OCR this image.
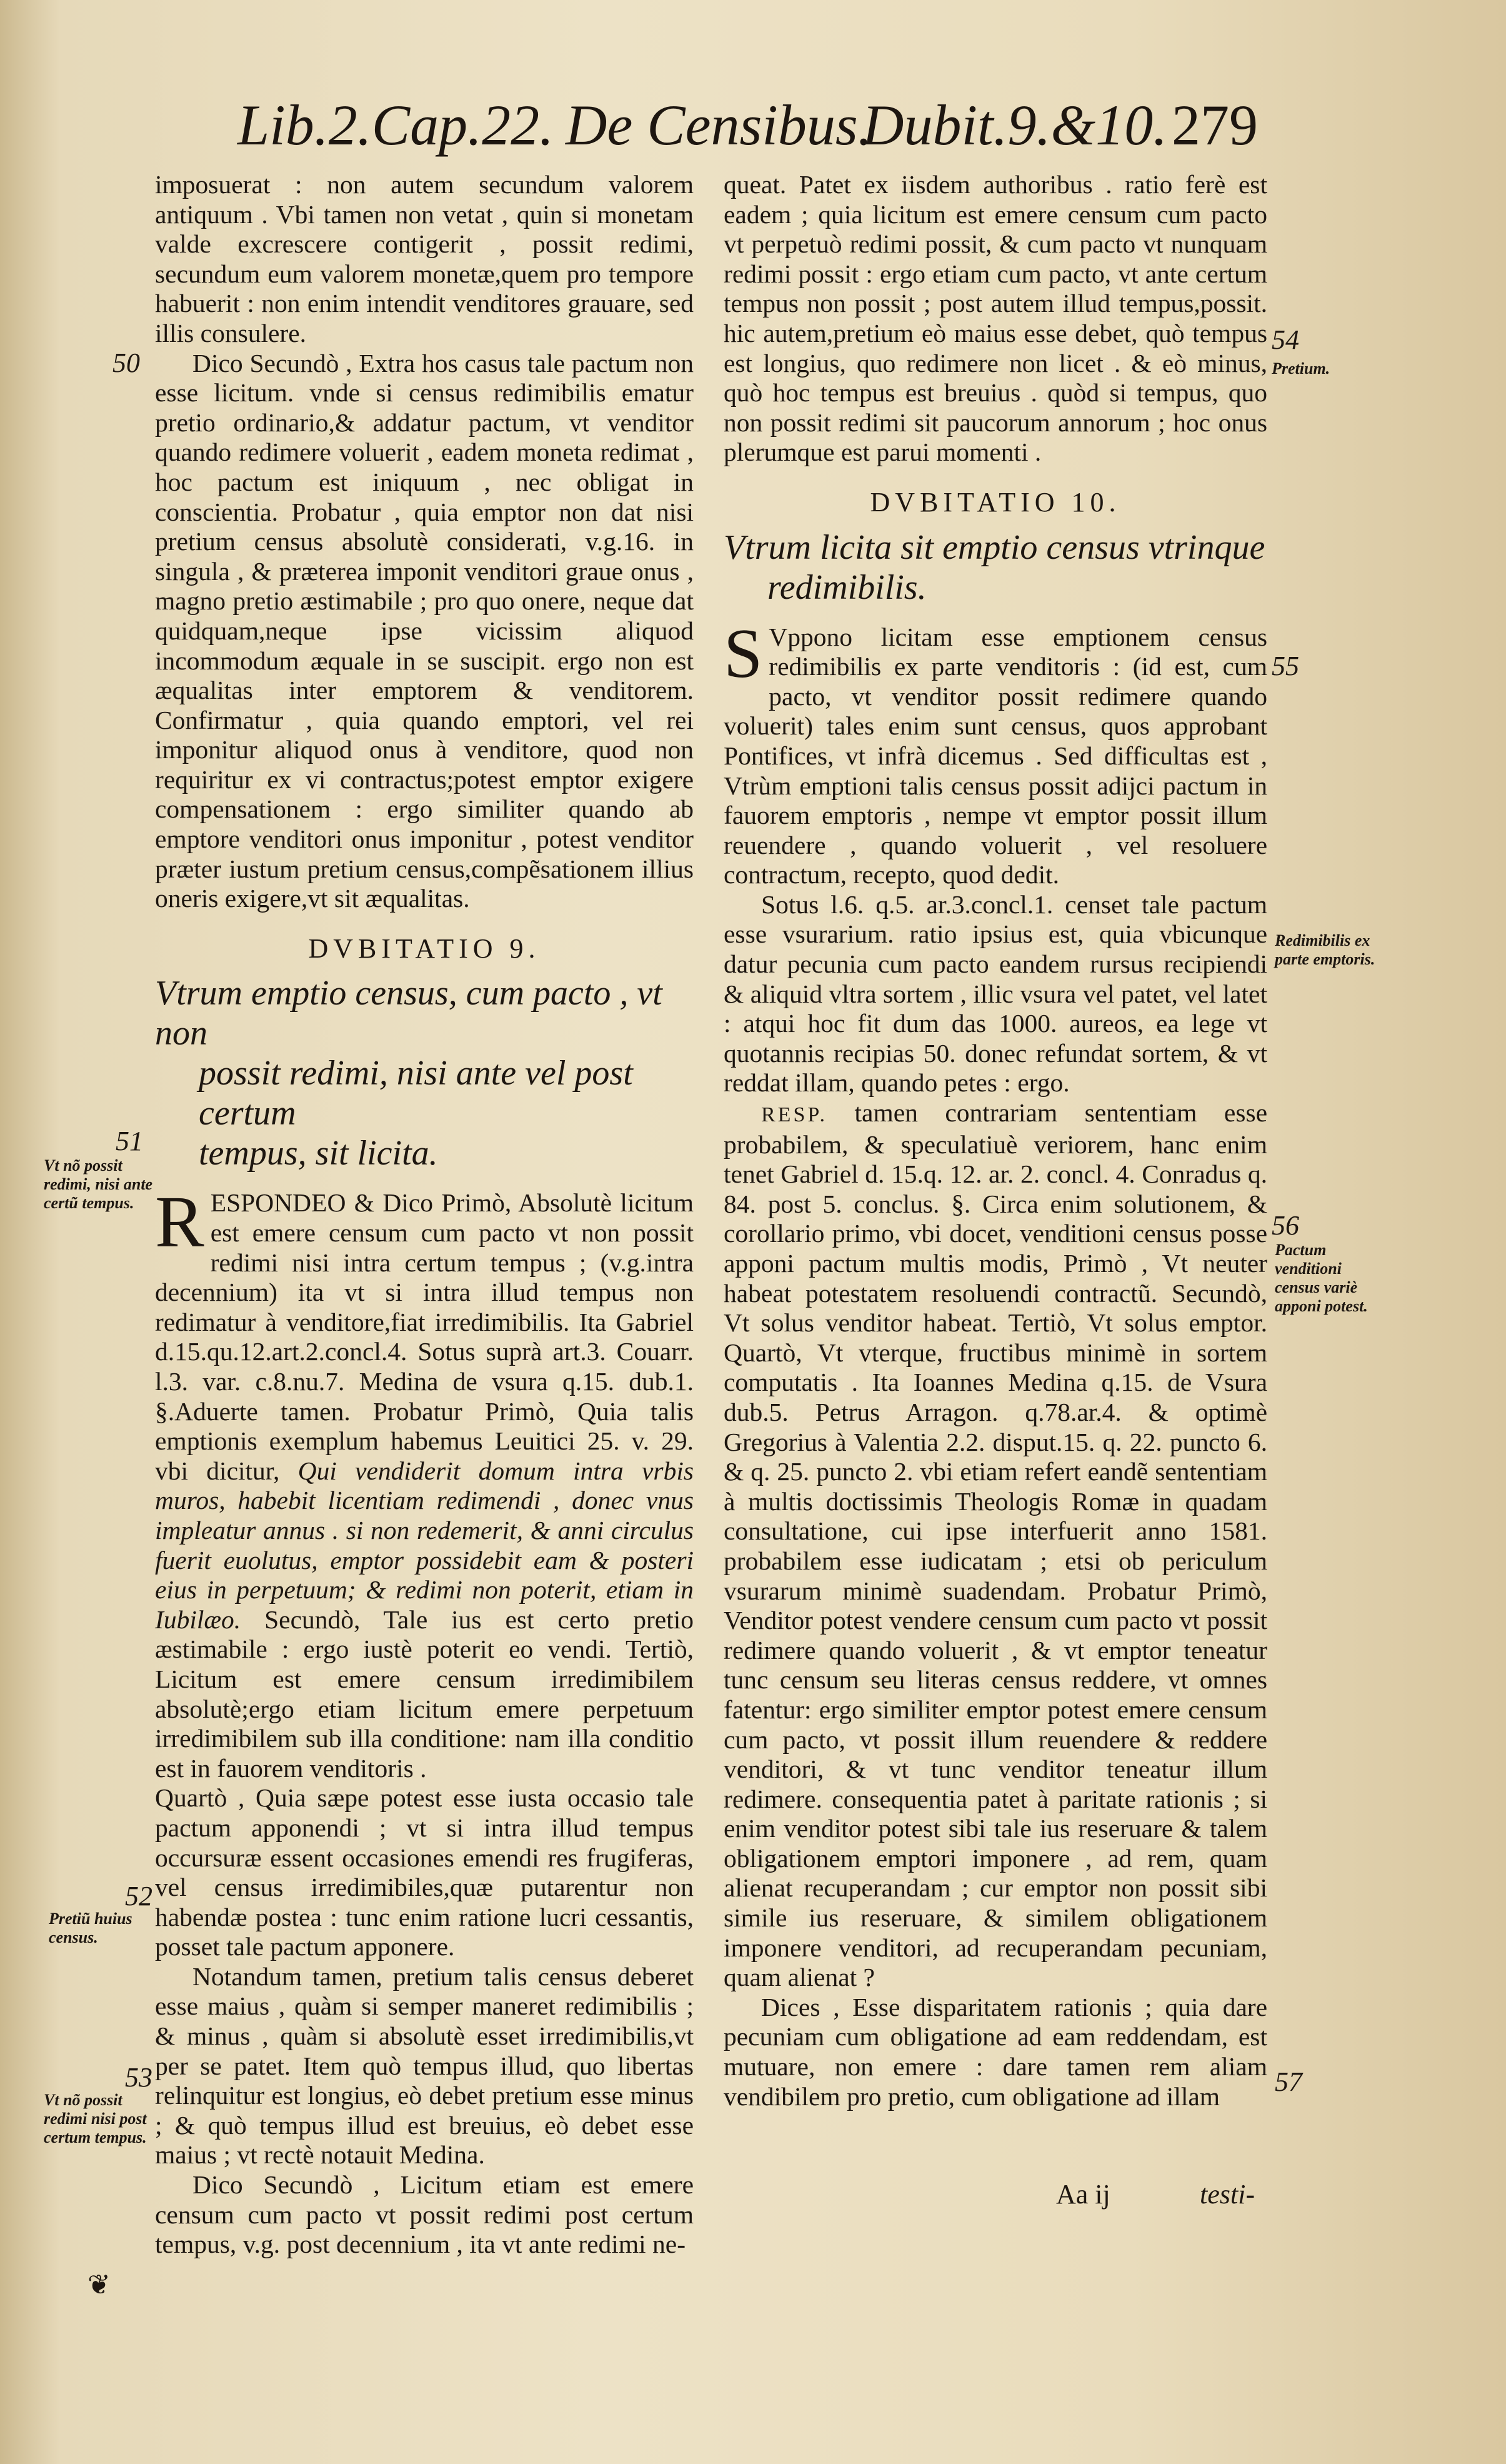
Lib.2.Cap.22. De Censibus.
Dubit.9.&10. 279

imposuerat : non autem secundum valorem antiquum . Vbi tamen non vetat , quin si monetam valde excrescere contigerit , possit redimi, secundum eum valorem monetæ,quem pro tempore habuerit : non enim intendit venditores grauare, sed illis consulere.

Dico Secundò , Extra hos casus tale pactum non esse licitum. vnde si census redimibilis ematur pretio ordinario,& addatur pactum, vt venditor quando redimere voluerit , eadem moneta redimat , hoc pactum est iniquum , nec obligat in conscientia. Probatur , quia emptor non dat nisi pretium census absolutè considerati, v.g.16. in singula , & præterea imponit venditori graue onus , magno pretio æstimabile ; pro quo onere, neque dat quidquam,neque ipse vicissim aliquod incommodum æquale in se suscipit. ergo non est æqualitas inter emptorem & venditorem. Confirmatur , quia quando emptori, vel rei imponitur aliquod onus à venditore, quod non requiritur ex vi contractus;potest emptor exigere compensationem : ergo similiter quando ab emptore venditori onus imponitur , potest venditor præter iustum pretium census,compẽsationem illius oneris exigere,vt sit æqualitas.

DVBITATIO 9.

Vtrum emptio census, cum pacto , vt non
possit redimi, nisi ante vel post certum
tempus, sit licita.

R ESPONDEO & Dico Primò, Absolutè licitum est emere censum cum pacto vt non possit redimi nisi intra certum tempus ; (v.g.intra decennium) ita vt si intra illud tempus non redimatur à venditore,fiat irredimibilis. Ita Gabriel d.15.qu.12.art.2.concl.4. Sotus suprà art.3. Couarr. l.3. var. c.8.nu.7. Medina de vsura q.15. dub.1. §.Aduerte tamen. Probatur Primò, Quia talis emptionis exemplum habemus Leuitici 25. v. 29. vbi dicitur, Qui vendiderit domum intra vrbis muros, habebit licentiam redimendi , donec vnus impleatur annus . si non redemerit, & anni circulus fuerit euolutus, emptor possidebit eam & posteri eius in perpetuum; & redimi non poterit, etiam in Iubilæo. Secundò, Talе ius est certo pretio æstimabile : ergo iustè poterit eo vendi. Tertiò, Licitum est emere censum irredimibilem absolutè;ergo etiam licitum emere perpetuum irredimibilem sub illa conditione: nam illa conditio est in fauorem venditoris .

Quartò , Quia sæpe potest esse iusta occasio tale pactum apponendi ; vt si intra illud tempus occursuræ essent occasiones emendi res frugiferas, vel census irredimibiles,quæ putarentur non habendæ postea : tunc enim ratione lucri cessantis, posset tale pactum apponere.

Notandum tamen, pretium talis census deberet esse maius , quàm si semper maneret redimibilis ; & minus , quàm si absolutè esset irredimibilis,vt per se patet. Item quò tempus illud, quo libertas relinquitur est longius, eò debet pretium esse minus ; & quò tempus illud est breuius, eò debet esse maius ; vt rectè notauit Medina.

Dico Secundò , Licitum etiam est emere censum cum pacto vt possit redimi post certum tempus, v.g. post decennium , ita vt ante redimi ne-

queat. Patet ex iisdem authoribus . ratio ferè est eadem ; quia licitum est emere censum cum pacto vt perpetuò redimi possit, & cum pacto vt nunquam redimi possit : ergo etiam cum pacto, vt ante certum tempus non possit ; post autem illud tempus,possit. hic autem,pretium eò maius esse debet, quò tempus est longius, quo redimere non licet . & eò minus, quò hoc tempus est breuius . quòd si tempus, quo non possit redimi sit paucorum annorum ; hoc onus plerumque est parui momenti .

DVBITATIO 10.

Vtrum licita sit emptio census vtrinque
redimibilis.

S Vppono licitam esse emptionem census redimibilis ex parte venditoris : (id est, cum pacto, vt venditor possit redimere quando voluerit) tales enim sunt census, quos approbant Pontifices, vt infrà dicemus . Sed difficultas est , Vtrùm emptioni talis census possit adijci pactum in fauorem emptoris , nempe vt emptor possit illum reuendere , quando voluerit , vel resoluere contractum, recepto, quod dedit.

Sotus l.6. q.5. ar.3.concl.1. censet tale pactum esse vsurarium. ratio ipsius est, quia vbicunque datur pecunia cum pacto eandem rursus recipiendi & aliquid vltra sortem , illic vsura vel patet, vel latet : atqui hoc fit dum das 1000. aureos, ea lege vt quotannis recipias 50. donec refundat sortem, & vt reddat illam, quando petes : ergo.

RESP. tamen contrariam sententiam esse probabilem, & speculatiuè veriorem, hanc enim tenet Gabriel d. 15.q. 12. ar. 2. concl. 4. Conradus q. 84. post 5. conclus. §. Circa enim solutionem, & corollario primo, vbi docet, venditioni census posse apponi pactum multis modis, Primò , Vt neuter habeat potestatem resoluendi contractũ. Secundò, Vt solus venditor habeat. Tertiò, Vt solus emptor. Quartò, Vt vterque, fructibus minimè in sortem computatis . Ita Ioannes Medina q.15. de Vsura dub.5. Petrus Arragon. q.78.ar.4. & optimè Gregorius à Valentia 2.2. disput.15. q. 22. puncto 6. & q. 25. puncto 2. vbi etiam refert eandẽ sententiam à multis doctissimis Theologis Romæ in quadam consultatione, cui ipse interfuerit anno 1581. probabilem esse iudicatam ; etsi ob periculum vsurarum minimè suadendam. Probatur Primò, Venditor potest vendere censum cum pacto vt possit redimere quando voluerit , & vt emptor teneatur tunc censum seu literas census reddere, vt omnes fatentur: ergo similiter emptor potest emere censum cum pacto, vt possit illum reuendere & reddere venditori, & vt tunc venditor teneatur illum redimere. consequentia patet à paritate rationis ; si enim venditor potest sibi tale ius reseruare & talem obligationem emptori imponere , ad rem, quam alienat recuperandam ; cur emptor non possit sibi simile ius reseruare, & similem obligationem imponere venditori, ad recuperandam pecuniam, quam alienat ?

Dices , Esse disparitatem rationis ; quia dare pecuniam cum obligatione ad eam reddendam, est mutuare, non emere : dare tamen rem aliam vendibilem pro pretio, cum obligatione ad illam

50
51
Vt nõ possit redimi, nisi ante certũ tempus.
52
Pretiũ huius census.
53
Vt nõ possit redimi nisi post certum tempus.
54
Pretium.
55
Redimibilis ex parte emptoris.
56
Pactum venditioni census variè apponi potest.
57
Aa ij	testi-
❦
